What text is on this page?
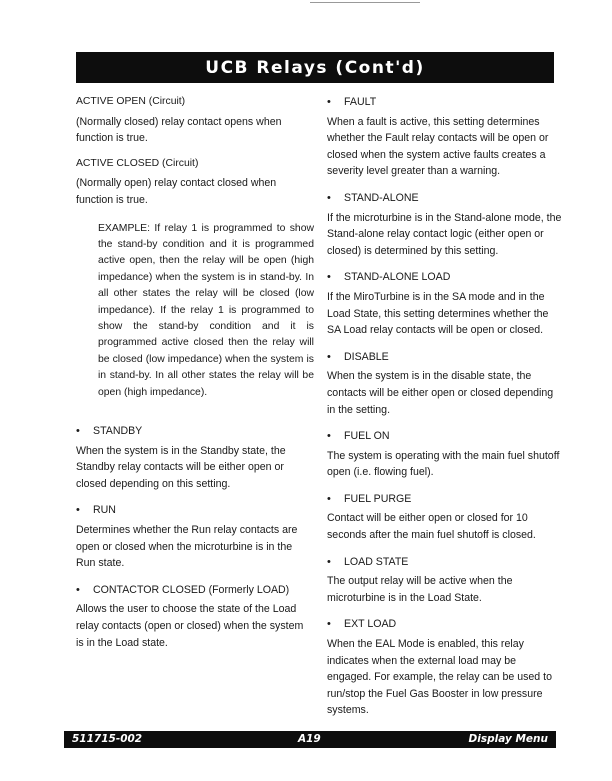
UCB Relays (Cont'd)

ACTIVE OPEN (Circuit)

(Normally closed) relay contact opens when function is true.

ACTIVE CLOSED (Circuit)

(Normally open) relay contact closed when function is true.

EXAMPLE: If relay 1 is programmed to show the stand-by condition and it is programmed active open, then the relay will be open (high impedance) when the system is in stand-by. In all other states the relay will be closed (low impedance). If the relay 1 is programmed to show the stand-by condition and it is programmed active closed then the relay will be closed (low impedance) when the system is in stand-by. In all other states the relay will be open (high impedance).

•	STANDBY

When the system is in the Standby state, the Standby relay contacts will be either open or closed depending on this setting.

•	RUN

Determines whether the Run relay contacts are open or closed when the microturbine is in the Run state.

•	CONTACTOR CLOSED (Formerly LOAD)

Allows the user to choose the state of the Load relay contacts (open or closed) when the system is in the Load state.

•	FAULT

When a fault is active, this setting determines whether the Fault relay contacts will be open or closed when the system active faults creates a severity level greater than a warning.

•	STAND-ALONE

If the microturbine is in the Stand-alone mode, the Stand-alone relay contact logic (either open or closed) is determined by this setting.

•	STAND-ALONE LOAD

If the MiroTurbine is in the SA mode and in the Load State, this setting determines whether the SA Load relay contacts will be open or closed.

•	DISABLE

When the system is in the disable state, the contacts will be either open or closed depending in the setting.

•	FUEL ON

The system is operating with the main fuel shutoff open (i.e. flowing fuel).

•	FUEL PURGE

Contact will be either open or closed for 10 seconds after the main fuel shutoff is closed.

•	LOAD STATE

The output relay will be active when the microturbine is in the Load State.

•	EXT LOAD

When the EAL Mode is enabled, this relay indicates when the external load may be engaged. For example, the relay can be used to run/stop the Fuel Gas Booster in low pressure systems.

511715-002	A19	Display Menu
